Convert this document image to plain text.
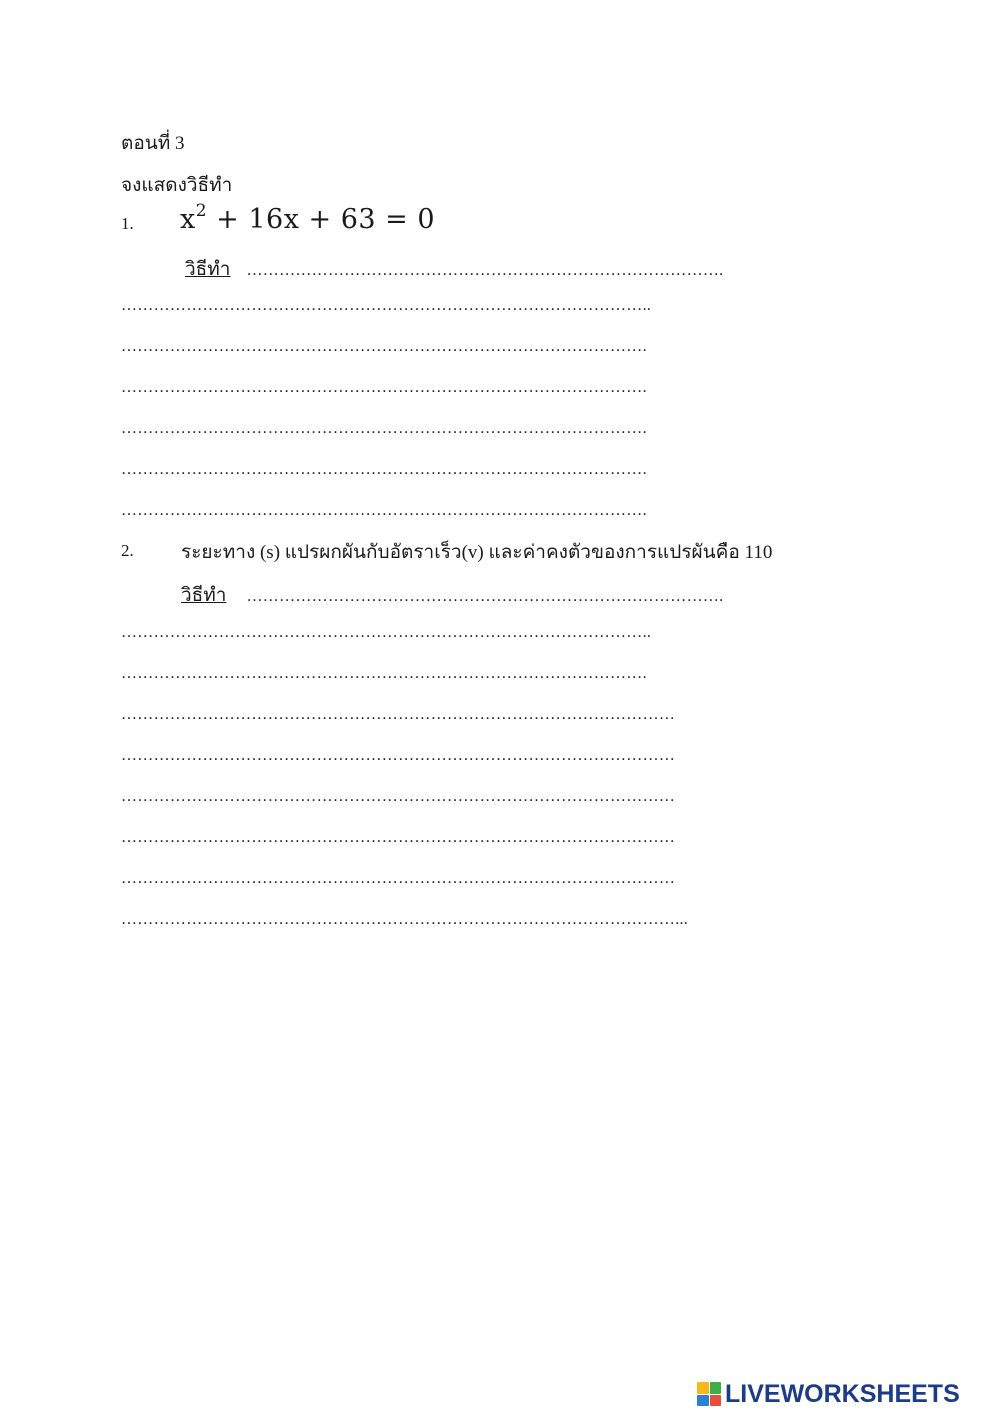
ตอนที่ 3
จงแสดงวิธีทำ
1. $x^2 + 16x + 63 = 0$
วิธีทำ …………………………………………………………………………….
……………………………………………………………………………………..
…………………………………………………………………………………….
…………………………………………………………………………………….
…………………………………………………………………………………….
…………………………………………………………………………………….
…………………………………………………………………………………….
2. ระยะทาง (s) แปรผกผันกับอัตราเร็ว(v) และค่าคงตัวของการแปรผันคือ 110
วิธีทำ …………………………………………………………………………….
……………………………………………………………………………………..
…………………………………………………………………………………….
…………………………………………………………………………………………
…………………………………………………………………………………………
…………………………………………………………………………………………
…………………………………………………………………………………………
…………………………………………………………………………………………
…………………………………………………………………………………………...
LIVEWORKSHEETS
